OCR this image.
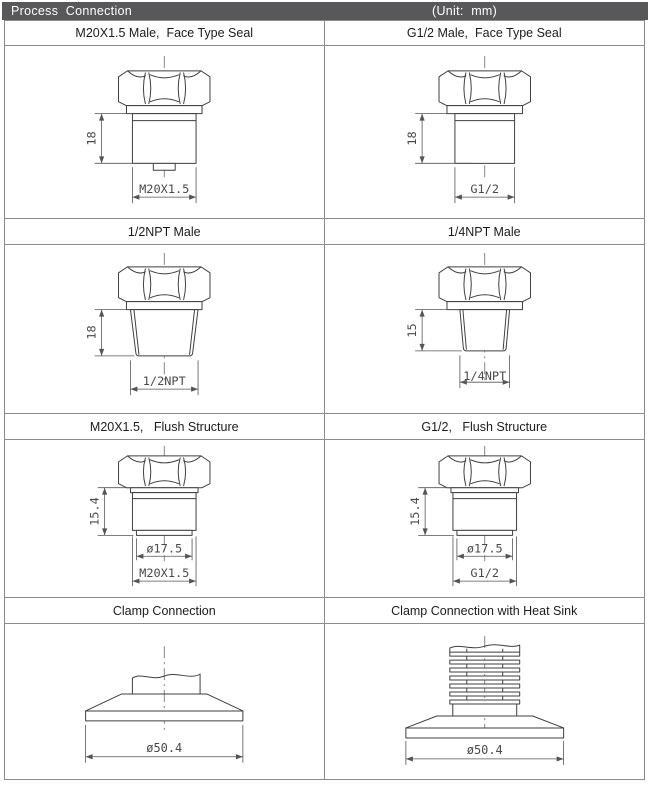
Process  Connection

	(Unit:  mm)

M20X1.5 Male,  Face Type Seal	G1/2 Male,  Face Type Seal
18
M20X1.5
18
G1/2
1/2NPT Male	1/4NPT Male
18
1/2NPT
15
1/4NPT
M20X1.5,   Flush Structure	G1/2,   Flush Structure
15.4
ø17.5
M20X1.5
15.4
ø17.5
G1/2
Clamp Connection	Clamp Connection with Heat Sink
ø50.4	ø50.4
